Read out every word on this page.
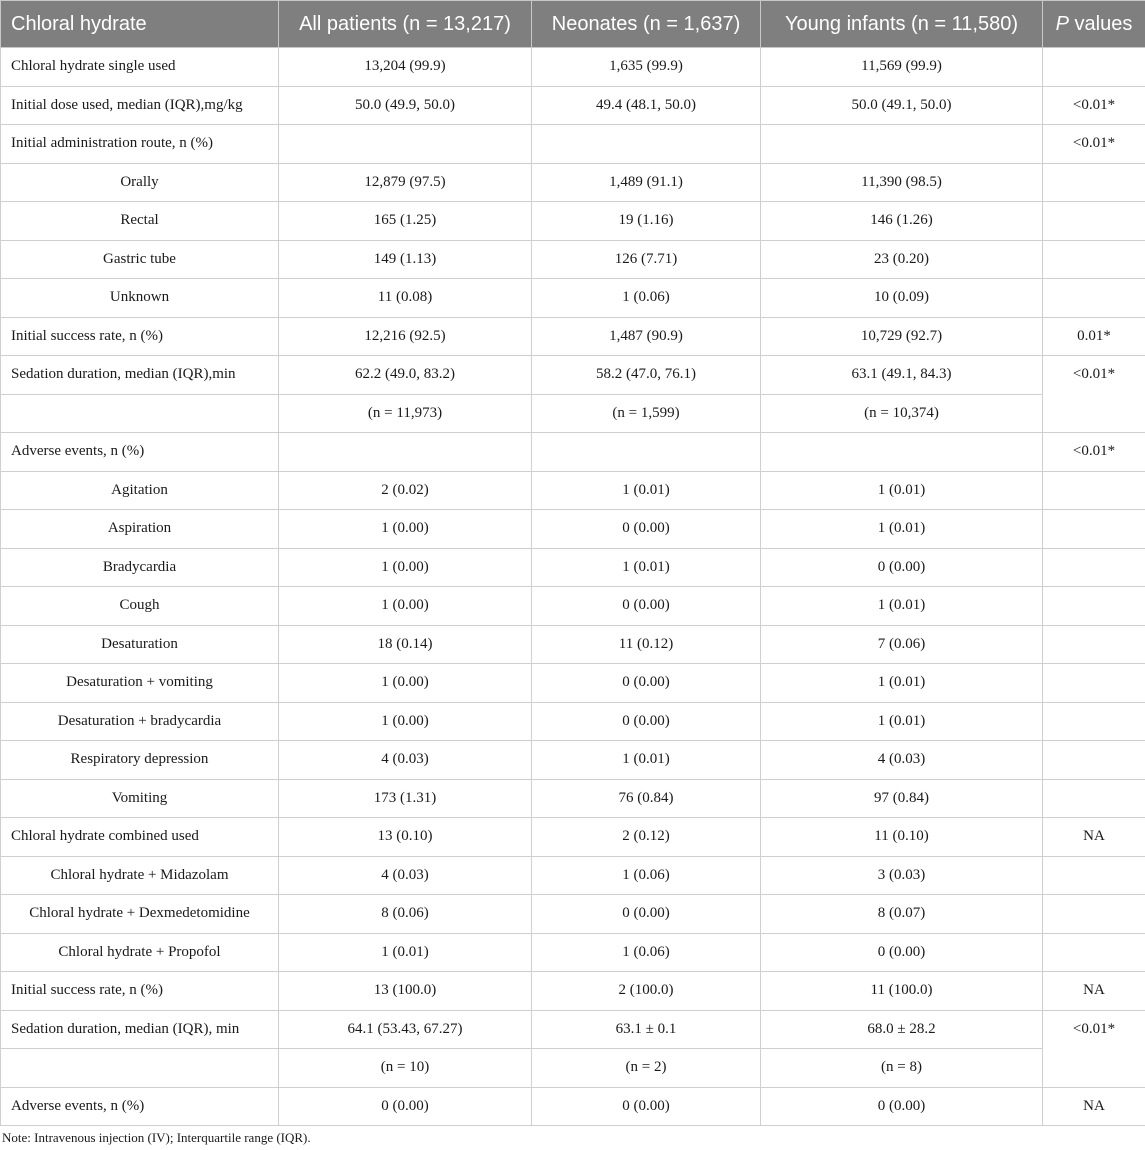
Chloral hydrate	All patients (n = 13,217)	Neonates (n = 1,637)	Young infants (n = 11,580)	P values
Chloral hydrate single used	13,204 (99.9)	1,635 (99.9)	11,569 (99.9)	
Initial dose used, median (IQR),mg/kg	50.0 (49.9, 50.0)	49.4 (48.1, 50.0)	50.0 (49.1, 50.0)	<0.01*
Initial administration route, n (%)				<0.01*
Orally	12,879 (97.5)	1,489 (91.1)	11,390 (98.5)	
Rectal	165 (1.25)	19 (1.16)	146 (1.26)	
Gastric tube	149 (1.13)	126 (7.71)	23 (0.20)	
Unknown	11 (0.08)	1 (0.06)	10 (0.09)	
Initial success rate, n (%)	12,216 (92.5)	1,487 (90.9)	10,729 (92.7)	0.01*
Sedation duration, median (IQR),min	62.2 (49.0, 83.2)	58.2 (47.0, 76.1)	63.1 (49.1, 84.3)	<0.01*
	(n = 11,973)	(n = 1,599)	(n = 10,374)	
Adverse events, n (%)				<0.01*
Agitation	2 (0.02)	1 (0.01)	1 (0.01)	
Aspiration	1 (0.00)	0 (0.00)	1 (0.01)	
Bradycardia	1 (0.00)	1 (0.01)	0 (0.00)	
Cough	1 (0.00)	0 (0.00)	1 (0.01)	
Desaturation	18 (0.14)	11 (0.12)	7 (0.06)	
Desaturation + vomiting	1 (0.00)	0 (0.00)	1 (0.01)	
Desaturation + bradycardia	1 (0.00)	0 (0.00)	1 (0.01)	
Respiratory depression	4 (0.03)	1 (0.01)	4 (0.03)	
Vomiting	173 (1.31)	76 (0.84)	97 (0.84)	
Chloral hydrate combined used	13 (0.10)	2 (0.12)	11 (0.10)	NA
Chloral hydrate + Midazolam	4 (0.03)	1 (0.06)	3 (0.03)	
Chloral hydrate + Dexmedetomidine	8 (0.06)	0 (0.00)	8 (0.07)	
Chloral hydrate + Propofol	1 (0.01)	1 (0.06)	0 (0.00)	
Initial success rate, n (%)	13 (100.0)	2 (100.0)	11 (100.0)	NA
Sedation duration, median (IQR), min	64.1 (53.43, 67.27)	63.1 ± 0.1	68.0 ± 28.2	<0.01*
	(n = 10)	(n = 2)	(n = 8)	
Adverse events, n (%)	0 (0.00)	0 (0.00)	0 (0.00)	NA
Note: Intravenous injection (IV); Interquartile range (IQR).
